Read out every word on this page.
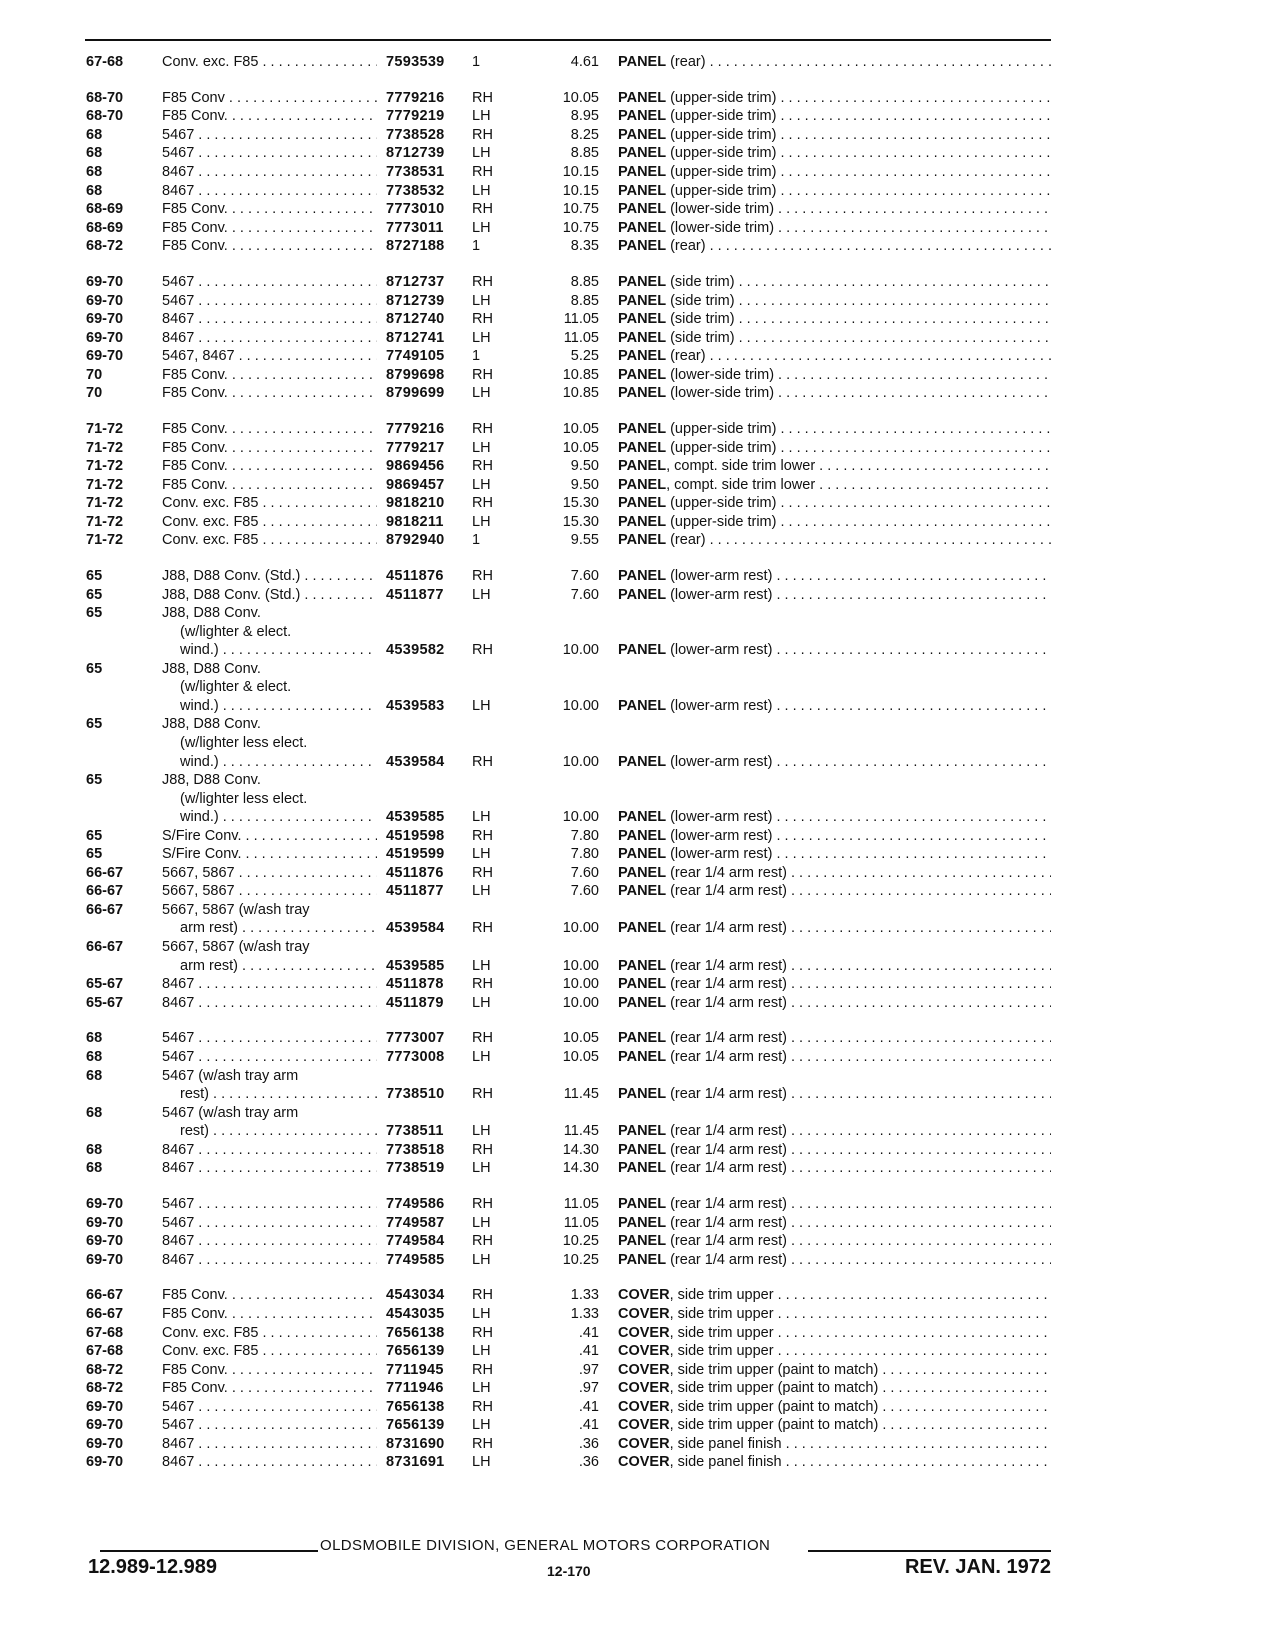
67-68	Conv. exc. F85 . . .	7593539 1	4.61 PANEL (rear) . . .
68-70	F85 Conv . . .	7779216 RH	10.05 PANEL (upper-side trim) . . .
68-70	F85 Conv. . . .	7779219 LH	8.95 PANEL (upper-side trim) . . .
68	5467 . . .	7738528 RH	8.25 PANEL (upper-side trim) . . .
68	5467 . . .	8712739 LH	8.85 PANEL (upper-side trim) . . .
68	8467 . . .	7738531 RH	10.15 PANEL (upper-side trim) . . .
68	8467 . . .	7738532 LH	10.15 PANEL (upper-side trim) . . .
68-69	F85 Conv. . . .	7773010 RH	10.75 PANEL (lower-side trim) . . .
68-69	F85 Conv. . . .	7773011 LH	10.75 PANEL (lower-side trim) . . .
68-72	F85 Conv. . . .	8727188 1	8.35 PANEL (rear) . . .
69-70	5467 . . .	8712737 RH	8.85 PANEL (side trim) . . .
69-70	5467 . . .	8712739 LH	8.85 PANEL (side trim) . . .
69-70	8467 . . .	8712740 RH	11.05 PANEL (side trim) . . .
69-70	8467 . . .	8712741 LH	11.05 PANEL (side trim) . . .
69-70	5467, 8467 . . .	7749105 1	5.25 PANEL (rear) . . .
70	F85 Conv. . . .	8799698 RH	10.85 PANEL (lower-side trim) . . .
70	F85 Conv. . . .	8799699 LH	10.85 PANEL (lower-side trim) . . .
71-72	F85 Conv. . . .	7779216 RH	10.05 PANEL (upper-side trim) . . .
71-72	F85 Conv. . . .	7779217 LH	10.05 PANEL (upper-side trim) . . .
71-72	F85 Conv. . . .	9869456 RH	9.50 PANEL, compt. side trim lower . . .
71-72	F85 Conv. . . .	9869457 LH	9.50 PANEL, compt. side trim lower . . .
71-72	Conv. exc. F85 . . .	9818210 RH	15.30 PANEL (upper-side trim) . . .
71-72	Conv. exc. F85 . . .	9818211 LH	15.30 PANEL (upper-side trim) . . .
71-72	Conv. exc. F85 . . .	8792940 1	9.55 PANEL (rear) . . .
65	J88, D88 Conv. (Std.) . . .	4511876 RH	7.60 PANEL (lower-arm rest) . . .
65	J88, D88 Conv. (Std.) . . .	4511877 LH	7.60 PANEL (lower-arm rest) . . .
65	J88, D88 Conv.
(w/lighter & elect.
wind.) . . .	4539582 RH	10.00 PANEL (lower-arm rest) . . .
65	J88, D88 Conv.
(w/lighter & elect.
wind.) . . .	4539583 LH	10.00 PANEL (lower-arm rest) . . .
65	J88, D88 Conv.
(w/lighter less elect.
wind.) . . .	4539584 RH	10.00 PANEL (lower-arm rest) . . .
65	J88, D88 Conv.
(w/lighter less elect.
wind.) . . .	4539585 LH	10.00 PANEL (lower-arm rest) . . .
65	S/Fire Conv. . . .	4519598 RH	7.80 PANEL (lower-arm rest) . . .
65	S/Fire Conv. . . .	4519599 LH	7.80 PANEL (lower-arm rest) . . .
66-67	5667, 5867 . . .	4511876 RH	7.60 PANEL (rear 1/4 arm rest) . . .
66-67	5667, 5867 . . .	4511877 LH	7.60 PANEL (rear 1/4 arm rest) . . .
66-67	5667, 5867 (w/ash tray
arm rest) . . .	4539584 RH	10.00 PANEL (rear 1/4 arm rest) . . .
66-67	5667, 5867 (w/ash tray
arm rest) . . .	4539585 LH	10.00 PANEL (rear 1/4 arm rest) . . .
65-67	8467 . . .	4511878 RH	10.00 PANEL (rear 1/4 arm rest) . . .
65-67	8467 . . .	4511879 LH	10.00 PANEL (rear 1/4 arm rest) . . .
68	5467 . . .	7773007 RH	10.05 PANEL (rear 1/4 arm rest) . . .
68	5467 . . .	7773008 LH	10.05 PANEL (rear 1/4 arm rest) . . .
68	5467 (w/ash tray arm
rest) . . .	7738510 RH	11.45 PANEL (rear 1/4 arm rest) . . .
68	5467 (w/ash tray arm
rest) . . .	7738511 LH	11.45 PANEL (rear 1/4 arm rest) . . .
68	8467 . . .	7738518 RH	14.30 PANEL (rear 1/4 arm rest) . . .
68	8467 . . .	7738519 LH	14.30 PANEL (rear 1/4 arm rest) . . .
69-70	5467 . . .	7749586 RH	11.05 PANEL (rear 1/4 arm rest) . . .
69-70	5467 . . .	7749587 LH	11.05 PANEL (rear 1/4 arm rest) . . .
69-70	8467 . . .	7749584 RH	10.25 PANEL (rear 1/4 arm rest) . . .
69-70	8467 . . .	7749585 LH	10.25 PANEL (rear 1/4 arm rest) . . .
66-67	F85 Conv. . . .	4543034 RH	1.33 COVER, side trim upper . . .
66-67	F85 Conv. . . .	4543035 LH	1.33 COVER, side trim upper . . .
67-68	Conv. exc. F85 . . .	7656138 RH	.41 COVER, side trim upper . . .
67-68	Conv. exc. F85 . . .	7656139 LH	.41 COVER, side trim upper . . .
68-72	F85 Conv. . . .	7711945 RH	.97 COVER, side trim upper (paint to match) . . .
68-72	F85 Conv. . . .	7711946 LH	.97 COVER, side trim upper (paint to match) . . .
69-70	5467 . . .	7656138 RH	.41 COVER, side trim upper (paint to match) . . .
69-70	5467 . . .	7656139 LH	.41 COVER, side trim upper (paint to match) . . .
69-70	8467 . . .	8731690 RH	.36 COVER, side panel finish . . .
69-70	8467 . . .	8731691 LH	.36 COVER, side panel finish . . .
OLDSMOBILE DIVISION, GENERAL MOTORS CORPORATION
12.989-12.989	12-170	REV. JAN. 1972
